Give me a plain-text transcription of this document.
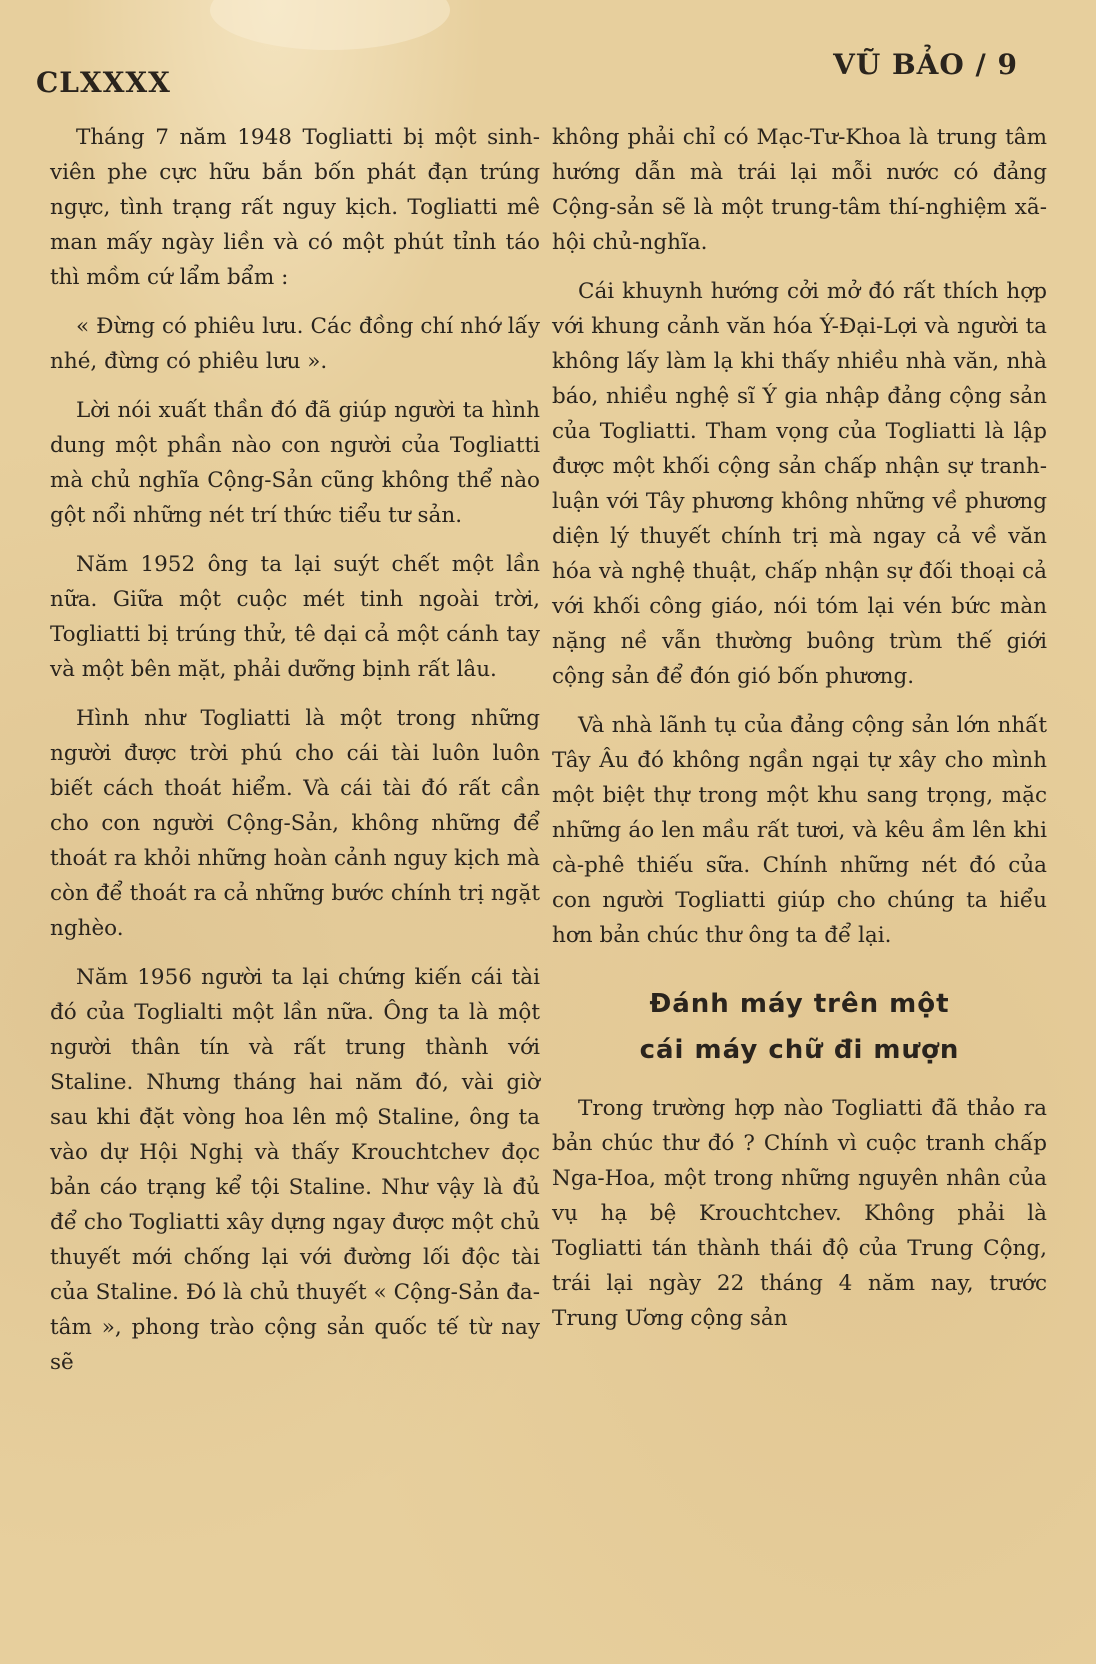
CLXXXX
VŨ BẢO / 9

Tháng 7 năm 1948 Togliatti bị một sinh-viên phe cực hữu bắn bốn phát đạn trúng ngực, tình trạng rất nguy kịch. Togliatti mê man mấy ngày liền và có một phút tỉnh táo thì mồm cứ lẩm bẩm :

« Đừng có phiêu lưu. Các đồng chí nhớ lấy nhé, đừng có phiêu lưu ».

Lời nói xuất thần đó đã giúp người ta hình dung một phần nào con người của Togliatti mà chủ nghĩa Cộng-Sản cũng không thể nào gột nổi những nét trí thức tiểu tư sản.

Năm 1952 ông ta lại suýt chết một lần nữa. Giữa một cuộc mét tinh ngoài trời, Togliatti bị trúng thử, tê dại cả một cánh tay và một bên mặt, phải dưỡng bịnh rất lâu.

Hình như Togliatti là một trong những người được trời phú cho cái tài luôn luôn biết cách thoát hiểm. Và cái tài đó rất cần cho con người Cộng-Sản, không những để thoát ra khỏi những hoàn cảnh nguy kịch mà còn để thoát ra cả những bước chính trị ngặt nghèo.

Năm 1956 người ta lại chứng kiến cái tài đó của Toglialti một lần nữa. Ông ta là một người thân tín và rất trung thành với Staline. Nhưng tháng hai năm đó, vài giờ sau khi đặt vòng hoa lên mộ Staline, ông ta vào dự Hội Nghị và thấy Krouchtchev đọc bản cáo trạng kể tội Staline. Như vậy là đủ để cho Togliatti xây dựng ngay được một chủ thuyết mới chống lại với đường lối độc tài của Staline. Đó là chủ thuyết « Cộng-Sản đa-tâm », phong trào cộng sản quốc tế từ nay sẽ

không phải chỉ có Mạc-Tư-Khoa là trung tâm hướng dẫn mà trái lại mỗi nước có đảng Cộng-sản sẽ là một trung-tâm thí-nghiệm xã-hội chủ-nghĩa.

Cái khuynh hướng cởi mở đó rất thích hợp với khung cảnh văn hóa Ý-Đại-Lợi và người ta không lấy làm lạ khi thấy nhiều nhà văn, nhà báo, nhiều nghệ sĩ Ý gia nhập đảng cộng sản của Togliatti. Tham vọng của Togliatti là lập được một khối cộng sản chấp nhận sự tranh-luận với Tây phương không những về phương diện lý thuyết chính trị mà ngay cả về văn hóa và nghệ thuật, chấp nhận sự đối thoại cả với khối công giáo, nói tóm lại vén bức màn nặng nề vẫn thường buông trùm thế giới cộng sản để đón gió bốn phương.

Và nhà lãnh tụ của đảng cộng sản lớn nhất Tây Âu đó không ngần ngại tự xây cho mình một biệt thự trong một khu sang trọng, mặc những áo len mầu rất tươi, và kêu ầm lên khi cà-phê thiếu sữa. Chính những nét đó của con người Togliatti giúp cho chúng ta hiểu hơn bản chúc thư ông ta để lại.

Đánh máy trên một
cái máy chữ đi mượn

Trong trường hợp nào Togliatti đã thảo ra bản chúc thư đó ? Chính vì cuộc tranh chấp Nga-Hoa, một trong những nguyên nhân của vụ hạ bệ Krouchtchev. Không phải là Togliatti tán thành thái độ của Trung Cộng, trái lại ngày 22 tháng 4 năm nay, trước Trung Ương cộng sản
